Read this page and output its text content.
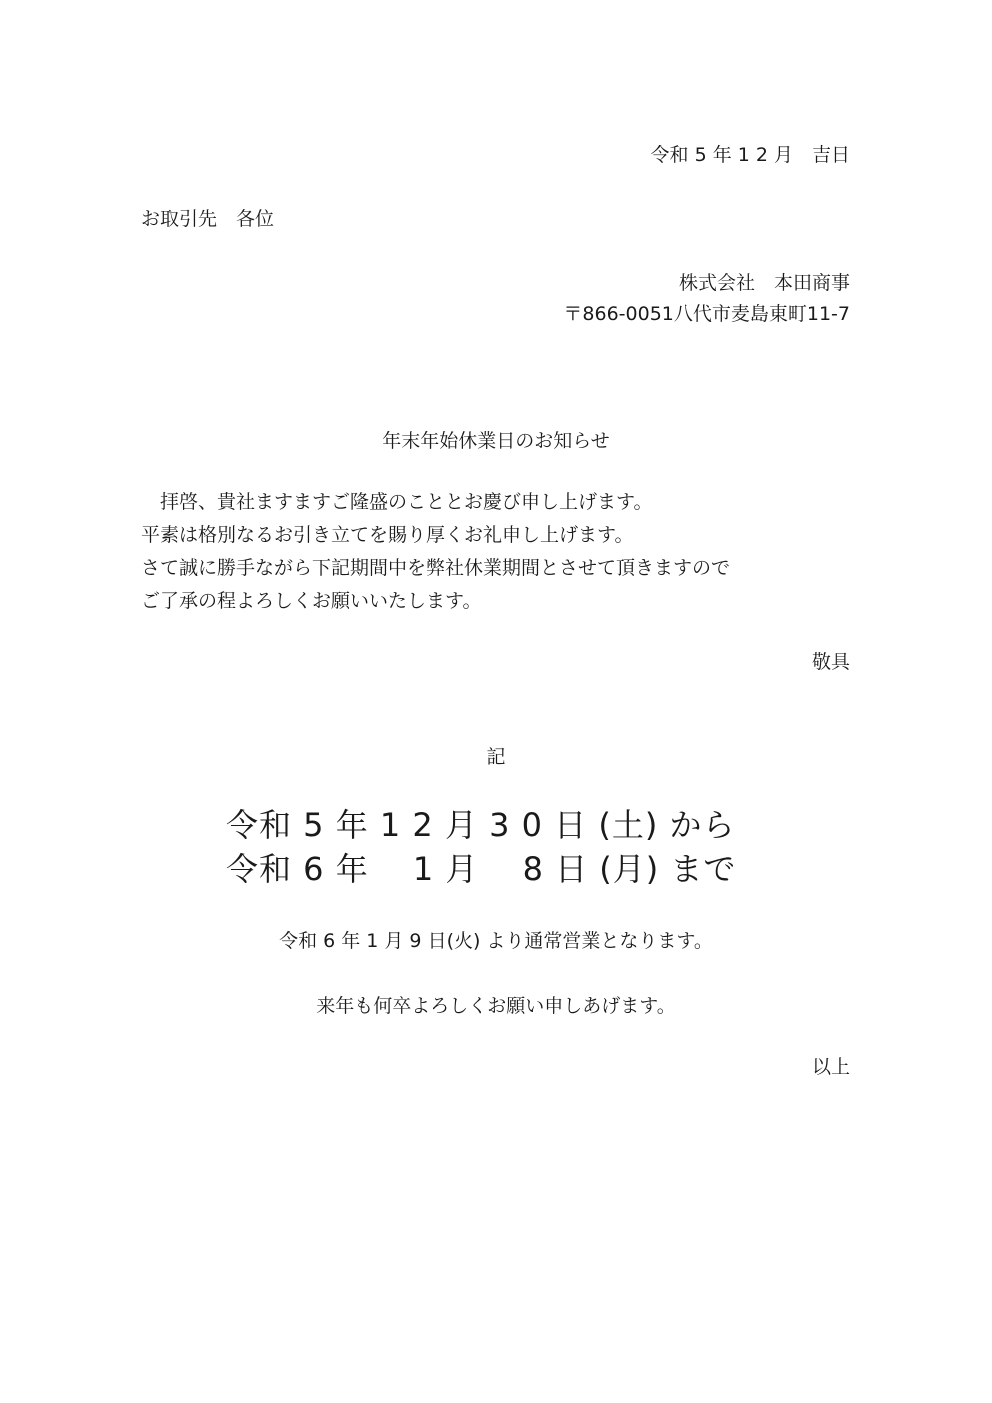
令和 5 年 1 2 月　吉日

お取引先　各位

株式会社　本田商事

〒866-0051八代市麦島東町11-7

年末年始休業日のお知らせ

　拝啓、貴社ますますご隆盛のこととお慶び申し上げます。

平素は格別なるお引き立てを賜り厚くお礼申し上げます。

さて誠に勝手ながら下記期間中を弊社休業期間とさせて頂きますので

ご了承の程よろしくお願いいたします。

敬具

記

令和 5 年 1 2 月 3 0 日 (土) から

令和 6 年　 1 月　 8 日 (月) まで

令和 6 年 1 月 9 日(火) より通常営業となります。

来年も何卒よろしくお願い申しあげます。

以上
